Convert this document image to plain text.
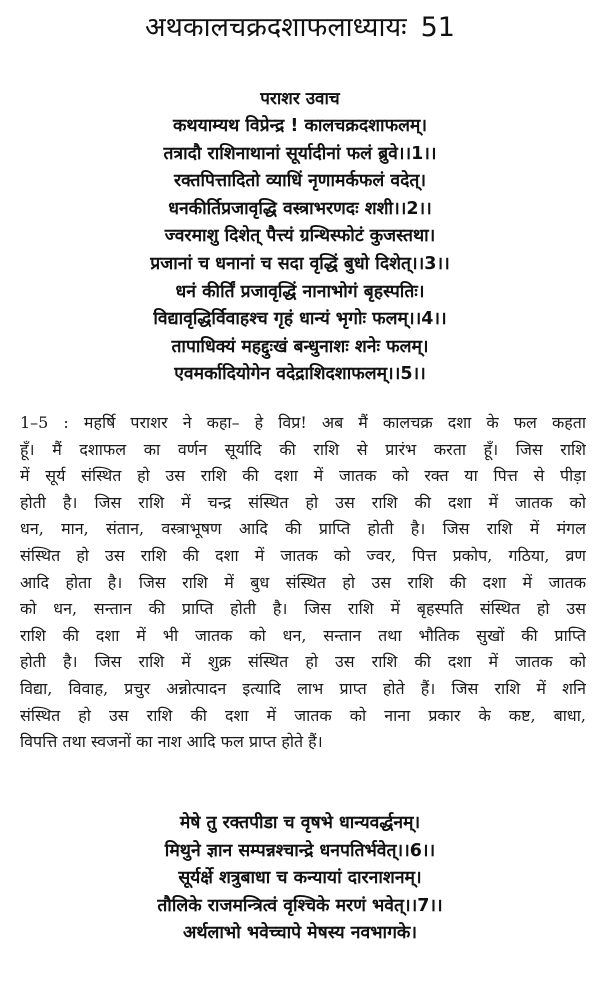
अथकालचक्रदशाफलाध्यायः 51
पराशर उवाच
कथयाम्यथ विप्रेन्द्र ! कालचक्रदशाफलम्।
तत्रादौ राशिनाथानां सूर्यादीनां फलं ब्रुवे।।1।।
रक्तपित्तादितो व्याधिं नृणामर्कफलं वदेत्।
धनकीर्तिप्रजावृद्धि वस्त्राभरणदः शशी।।2।।
ज्वरमाशु दिशेत् पैत्त्यं ग्रन्थिस्फोटं कुजस्तथा।
प्रजानां च धनानां च सदा वृद्धिं बुधो दिशेत्।।3।।
धनं कीर्तिं प्रजावृद्धिं नानाभोगं बृहस्पतिः।
विद्यावृद्धिर्विवाहश्च गृहं धान्यं भृगोः फलम्।।4।।
तापाधिक्यं महद्दुःखं बन्धुनाशः शनेः फलम्।
एवमर्कादियोगेन वदेद्राशिदशाफलम्।।5।।
1–5 : महर्षि पराशर ने कहा– हे विप्र! अब मैं कालचक्र दशा के फल कहता
हूँ। मैं दशाफल का वर्णन सूर्यादि की राशि से प्रारंभ करता हूँ। जिस राशि
में सूर्य संस्थित हो उस राशि की दशा में जातक को रक्त या पित्त से पीड़ा
होती है। जिस राशि में चन्द्र संस्थित हो उस राशि की दशा में जातक को
धन, मान, संतान, वस्त्राभूषण आदि की प्राप्ति होती है। जिस राशि में मंगल
संस्थित हो उस राशि की दशा में जातक को ज्वर, पित्त प्रकोप, गठिया, व्रण
आदि होता है। जिस राशि में बुध संस्थित हो उस राशि की दशा में जातक
को धन, सन्तान की प्राप्ति होती है। जिस राशि में बृहस्पति संस्थित हो उस
राशि की दशा में भी जातक को धन, सन्तान तथा भौतिक सुखों की प्राप्ति
होती है। जिस राशि में शुक्र संस्थित हो उस राशि की दशा में जातक को
विद्या, विवाह, प्रचुर अन्नोत्पादन इत्यादि लाभ प्राप्त होते हैं। जिस राशि में शनि
संस्थित हो उस राशि की दशा में जातक को नाना प्रकार के कष्ट, बाधा,
विपत्ति तथा स्वजनों का नाश आदि फल प्राप्त होते हैं।
मेषे तु रक्तपीडा च वृषभे धान्यवर्द्धनम्।
मिथुने ज्ञान सम्पन्नश्चान्द्रे धनपतिर्भवेत्।।6।।
सूर्यर्क्षे शत्रुबाधा च कन्यायां दारनाशनम्।
तौलिके राजमन्त्रित्वं वृश्चिके मरणं भवेत्।।7।।
अर्थलाभो भवेच्चापे मेषस्य नवभागके।
